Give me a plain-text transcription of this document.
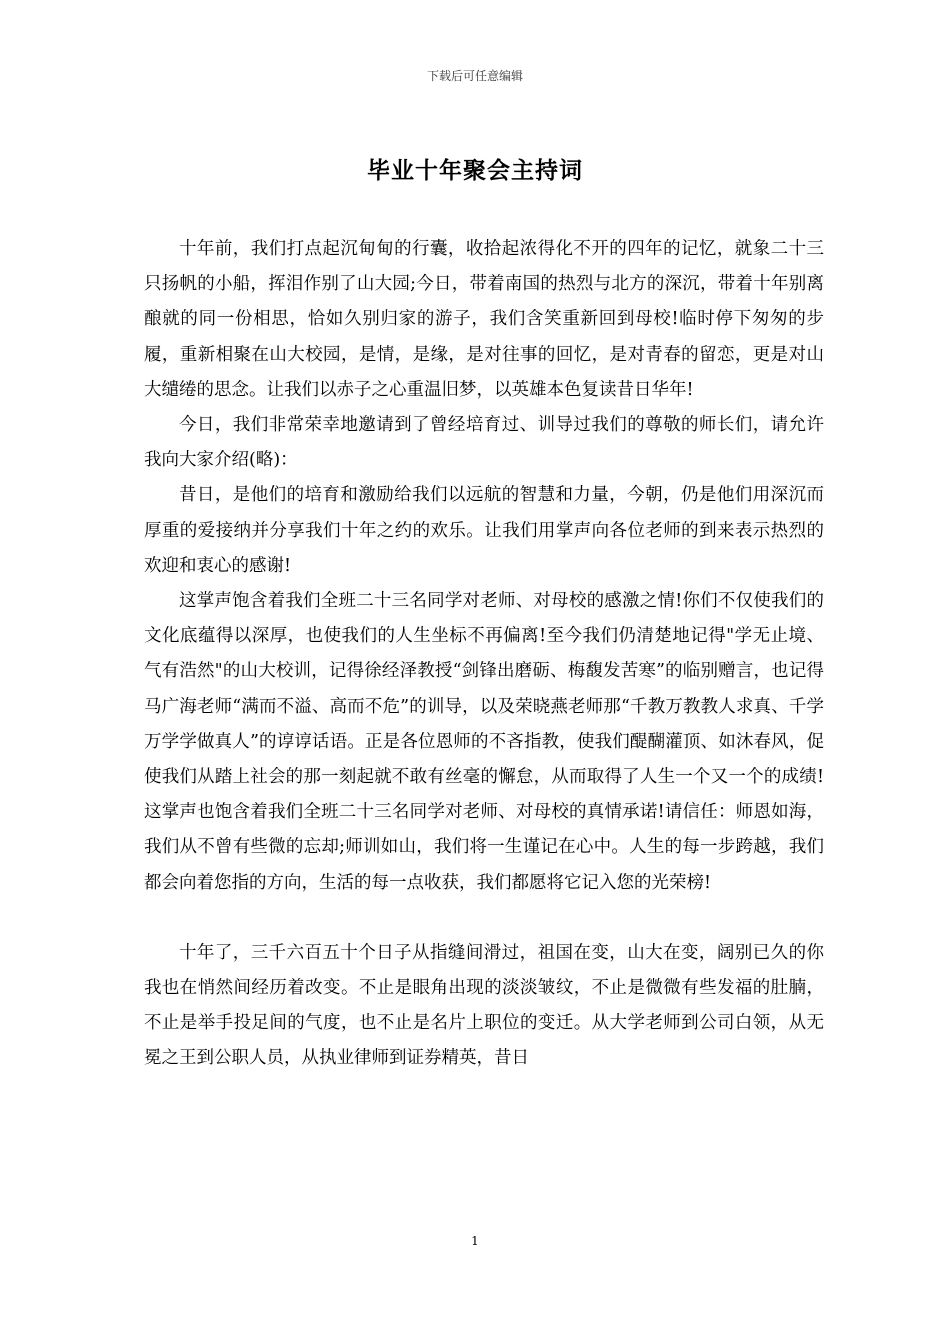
下载后可任意编辑
毕业十年聚会主持词

十年前，我们打点起沉甸甸的行囊，收拾起浓得化不开的四年的记忆，就象二十三只扬帆的小船，挥泪作别了山大园;今日，带着南国的热烈与北方的深沉，带着十年别离酿就的同一份相思，恰如久别归家的游子，我们含笑重新回到母校!临时停下匆匆的步履，重新相聚在山大校园，是情，是缘，是对往事的回忆，是对青春的留恋，更是对山大缱绻的思念。让我们以赤子之心重温旧梦，以英雄本色复读昔日华年!

今日，我们非常荣幸地邀请到了曾经培育过、训导过我们的尊敬的师长们，请允许我向大家介绍(略)：

昔日，是他们的培育和激励给我们以远航的智慧和力量，今朝，仍是他们用深沉而厚重的爱接纳并分享我们十年之约的欢乐。让我们用掌声向各位老师的到来表示热烈的欢迎和衷心的感谢!

这掌声饱含着我们全班二十三名同学对老师、对母校的感激之情!你们不仅使我们的文化底蕴得以深厚，也使我们的人生坐标不再偏离!至今我们仍清楚地记得"学无止境、气有浩然"的山大校训，记得徐经泽教授“剑锋出磨砺、梅馥发苦寒”的临别赠言，也记得马广海老师“满而不溢、高而不危”的训导，以及荣晓燕老师那“千教万教教人求真、千学万学学做真人”的谆谆话语。正是各位恩师的不吝指教，使我们醍醐灌顶、如沐春风，促使我们从踏上社会的那一刻起就不敢有丝毫的懈怠，从而取得了人生一个又一个的成绩!这掌声也饱含着我们全班二十三名同学对老师、对母校的真情承诺!请信任：师恩如海，我们从不曾有些微的忘却;师训如山，我们将一生谨记在心中。人生的每一步跨越，我们都会向着您指的方向，生活的每一点收获，我们都愿将它记入您的光荣榜!

十年了，三千六百五十个日子从指缝间滑过，祖国在变，山大在变，阔别已久的你我也在悄然间经历着改变。不止是眼角出现的淡淡皱纹，不止是微微有些发福的肚腩，不止是举手投足间的气度，也不止是名片上职位的变迁。从大学老师到公司白领，从无冕之王到公职人员，从执业律师到证券精英，昔日

1
